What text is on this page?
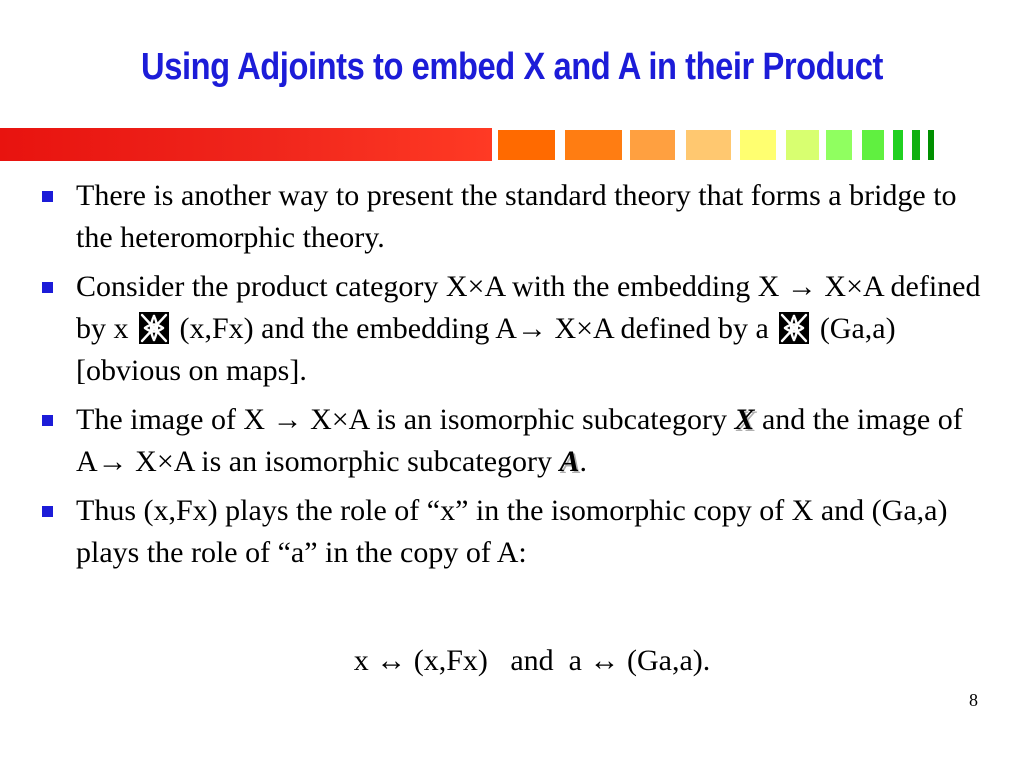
Using Adjoints to embed X and A in their Product
There is another way to present the standard theory that forms a bridge to the heteromorphic theory.
Consider the product category X×A with the embedding X → X×A defined by x (x,Fx) and the embedding A→ X×A defined by a (Ga,a) [obvious on maps].
The image of X → X×A is an isomorphic subcategory X and the image of A→ X×A is an isomorphic subcategory A.
Thus (x,Fx) plays the role of “x” in the isomorphic copy of X and (Ga,a) plays the role of “a” in the copy of A:
x ↔ (x,Fx)   and  a ↔ (Ga,a).
8
